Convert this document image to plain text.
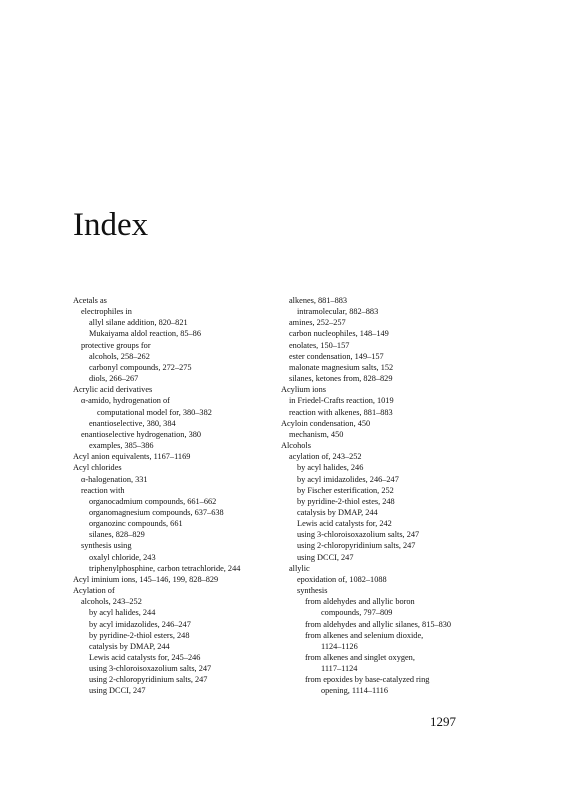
Index
Acetals as
electrophiles in
allyl silane addition, 820–821
Mukaiyama aldol reaction, 85–86
protective groups for
alcohols, 258–262
carbonyl compounds, 272–275
diols, 266–267
Acrylic acid derivatives
α-amido, hydrogenation of
computational model for, 380–382
enantioselective, 380, 384
enantioselective hydrogenation, 380
examples, 385–386
Acyl anion equivalents, 1167–1169
Acyl chlorides
α-halogenation, 331
reaction with
organocadmium compounds, 661–662
organomagnesium compounds, 637–638
organozinc compounds, 661
silanes, 828–829
synthesis using
oxalyl chloride, 243
triphenylphosphine, carbon tetrachloride, 244
Acyl iminium ions, 145–146, 199, 828–829
Acylation of
alcohols, 243–252
by acyl halides, 244
by acyl imidazolides, 246–247
by pyridine-2-thiol esters, 248
catalysis by DMAP, 244
Lewis acid catalysts for, 245–246
using 3-chloroisoxazolium salts, 247
using 2-chloropyridinium salts, 247
using DCCI, 247
alkenes, 881–883
intramolecular, 882–883
amines, 252–257
carbon nucleophiles, 148–149
enolates, 150–157
ester condensation, 149–157
malonate magnesium salts, 152
silanes, ketones from, 828–829
Acylium ions
in Friedel-Crafts reaction, 1019
reaction with alkenes, 881–883
Acyloin condensation, 450
mechanism, 450
Alcohols
acylation of, 243–252
by acyl halides, 246
by acyl imidazolides, 246–247
by Fischer esterification, 252
by pyridine-2-thiol estes, 248
catalysis by DMAP, 244
Lewis acid catalysts for, 242
using 3-chloroisoxazolium salts, 247
using 2-chloropyridinium salts, 247
using DCCI, 247
allylic
epoxidation of, 1082–1088
synthesis
from aldehydes and allylic boron
compounds, 797–809
from aldehydes and allylic silanes, 815–830
from alkenes and selenium dioxide,
1124–1126
from alkenes and singlet oxygen,
1117–1124
from epoxides by base-catalyzed ring
opening, 1114–1116
1297
